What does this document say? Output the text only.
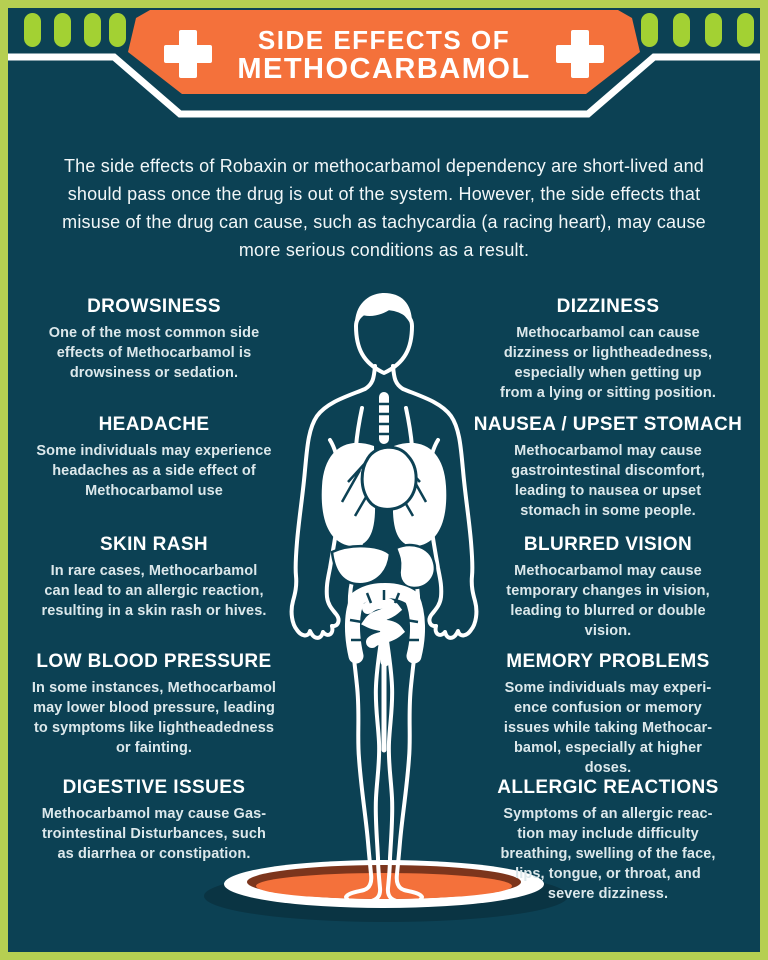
SIDE EFFECTS OF
METHOCARBAMOL
The side effects of Robaxin or methocarbamol dependency are short-lived and
should pass once the drug is out of the system. However, the side effects that
misuse of the drug can cause, such as tachycardia (a racing heart), may cause
more serious conditions as a result.
DROWSINESS

One of the most common side
effects of Methocarbamol is
drowsiness or sedation.

HEADACHE

Some individuals may experience
headaches as a side effect of
Methocarbamol use

SKIN RASH

In rare cases, Methocarbamol
can lead to an allergic reaction,
resulting in a skin rash or hives.

LOW BLOOD PRESSURE

In some instances, Methocarbamol
may lower blood pressure, leading
to symptoms like lightheadedness
or fainting.

DIGESTIVE ISSUES

Methocarbamol may cause Gas-
trointestinal Disturbances, such
as diarrhea or constipation.

DIZZINESS

Methocarbamol can cause
dizziness or lightheadedness,
especially when getting up
from a lying or sitting position.

NAUSEA / UPSET STOMACH

Methocarbamol may cause
gastrointestinal discomfort,
leading to nausea or upset
stomach in some people.

BLURRED VISION

Methocarbamol may cause
temporary changes in vision,
leading to blurred or double
vision.

MEMORY PROBLEMS

Some individuals may experi-
ence confusion or memory
issues while taking Methocar-
bamol, especially at higher
doses.

ALLERGIC REACTIONS

Symptoms of an allergic reac-
tion may include difficulty
breathing, swelling of the face,
lips, tongue, or throat, and
severe dizziness.
